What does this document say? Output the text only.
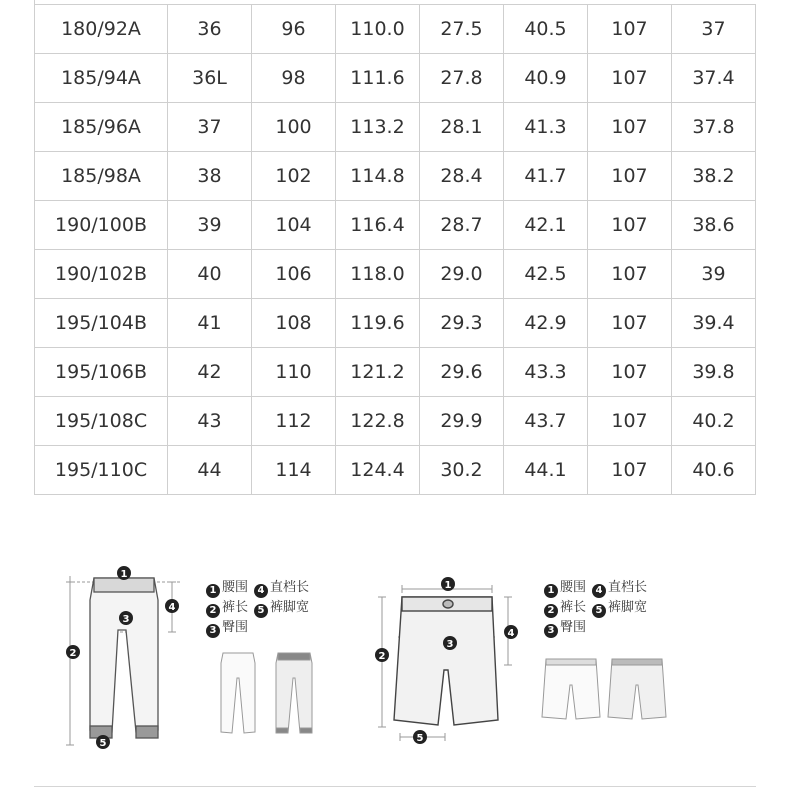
180/92A	36	96	110.0	27.5	40.5	107	37
185/94A	36L	98	111.6	27.8	40.9	107	37.4
185/96A	37	100	113.2	28.1	41.3	107	37.8
185/98A	38	102	114.8	28.4	41.7	107	38.2
190/100B	39	104	116.4	28.7	42.1	107	38.6
190/102B	40	106	118.0	29.0	42.5	107	39
195/104B	41	108	119.6	29.3	42.9	107	39.4
195/106B	42	110	121.2	29.6	43.3	107	39.8
195/108C	43	112	122.8	29.9	43.7	107	40.2
195/110C	44	114	124.4	30.2	44.1	107	40.6
1
2
3
4
5
1 腰围 4 直档长
2 裤长 5 裤脚宽
3 臀围
1
2
3
4
5
1 腰围 4 直档长
2 裤长 5 裤脚宽
3 臀围
